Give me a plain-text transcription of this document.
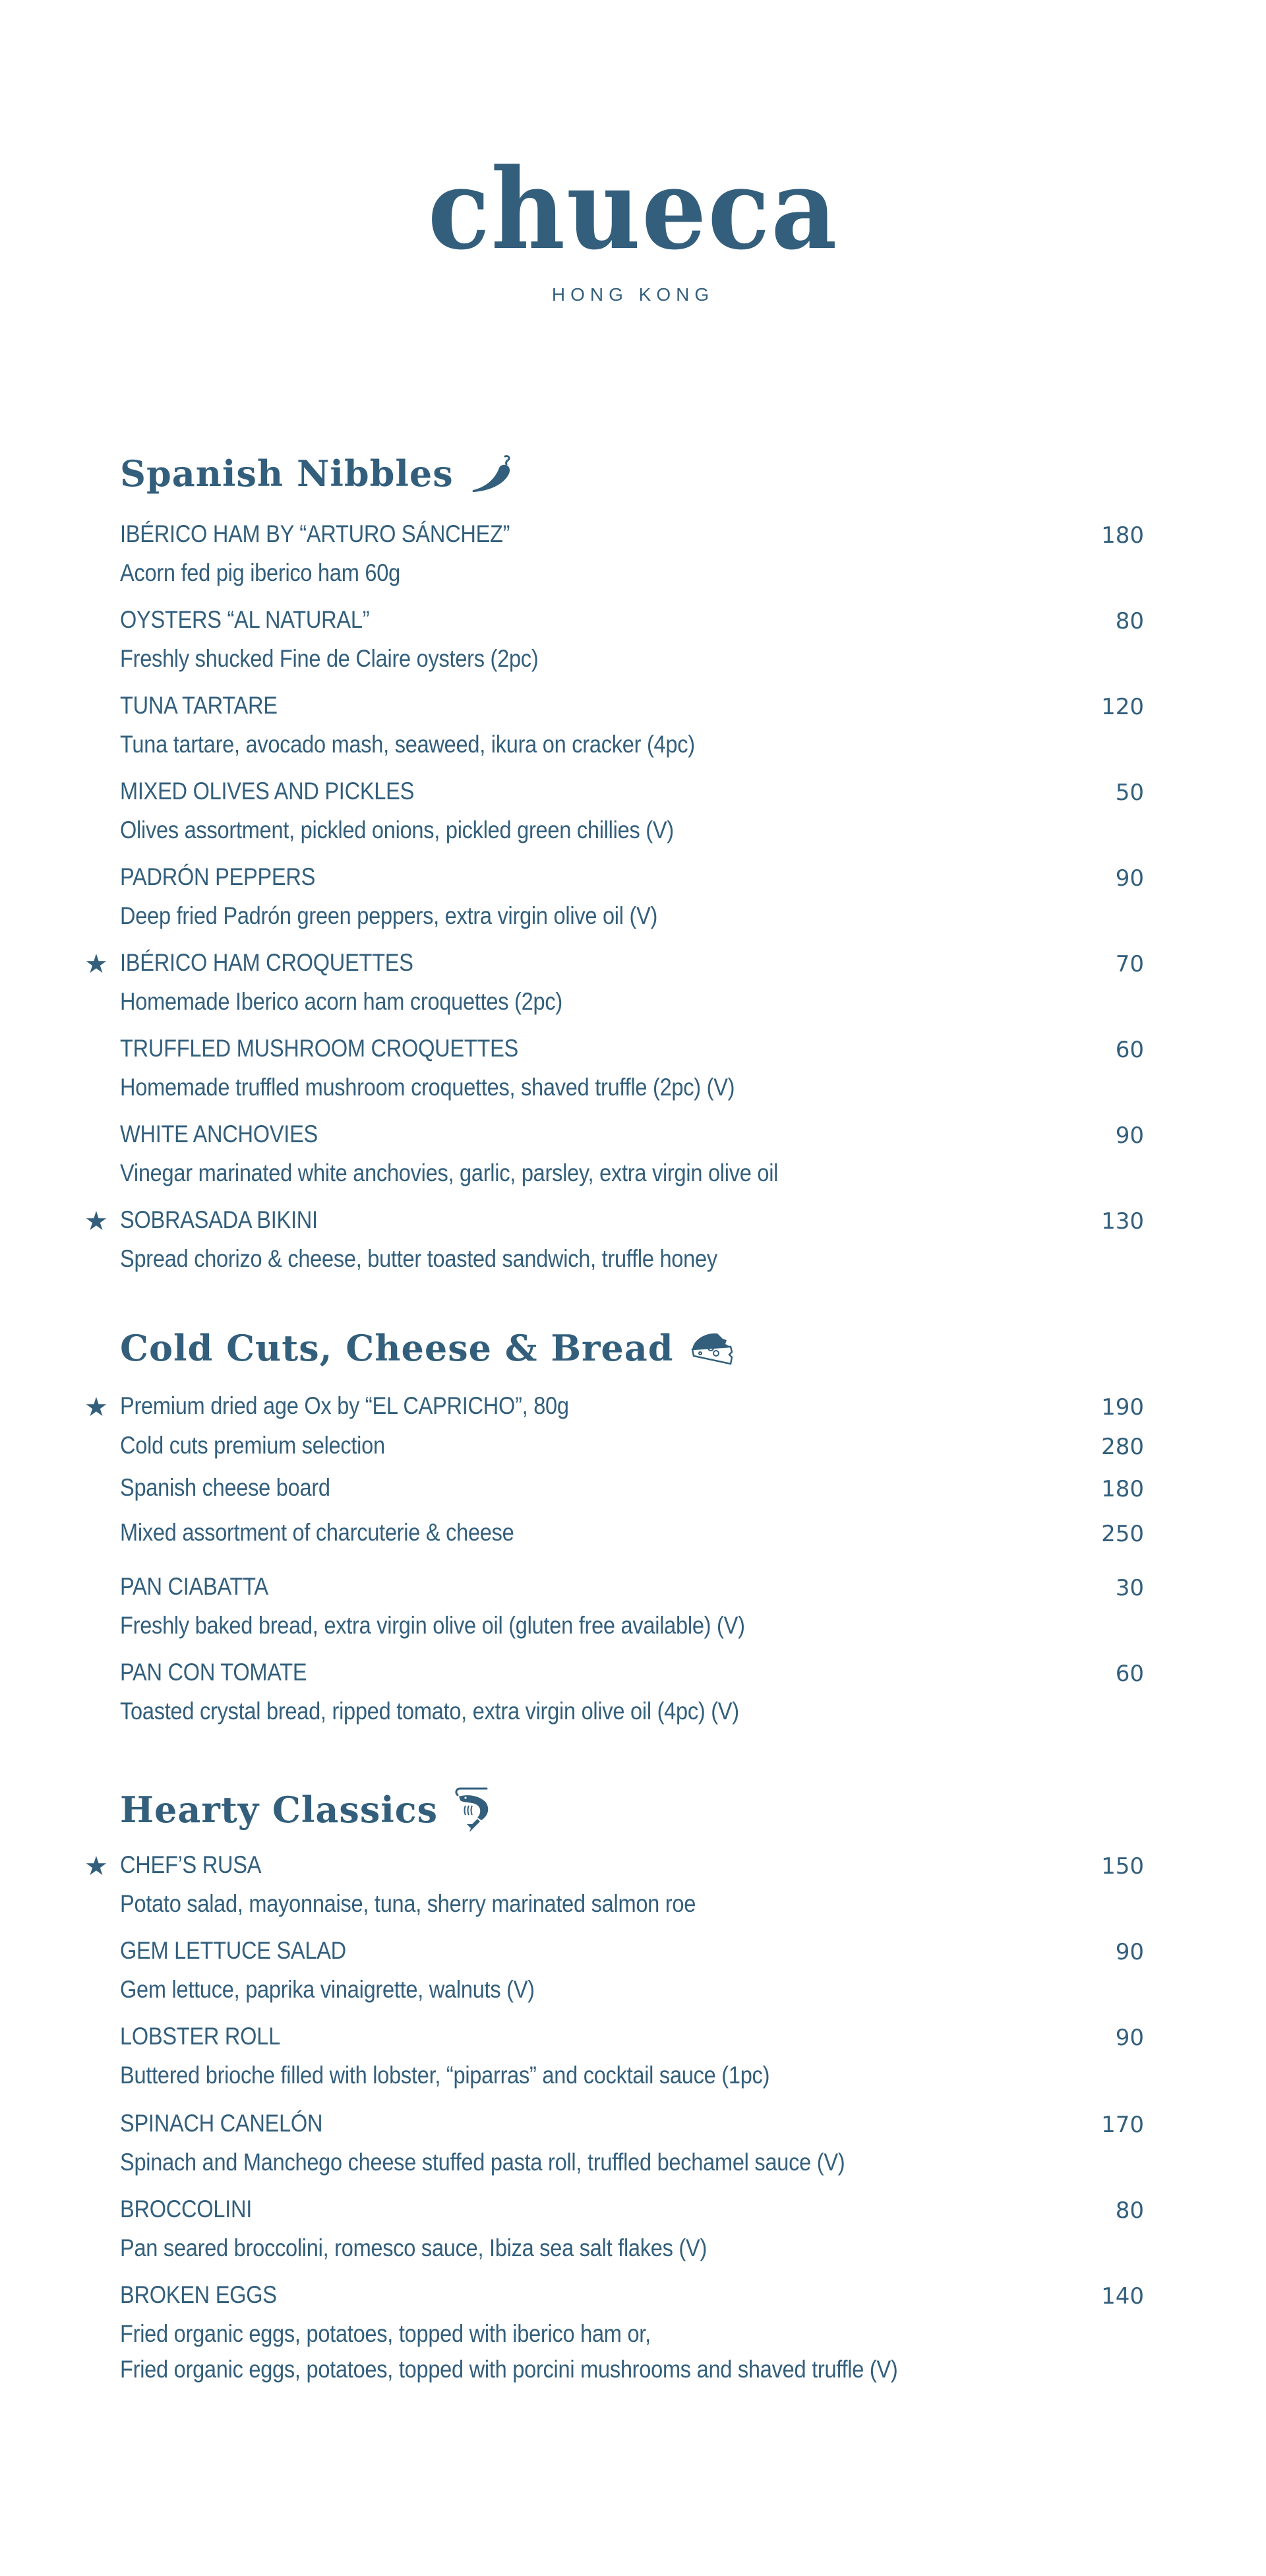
chueca
HONG KONG
Spanish Nibbles
IBÉRICO HAM BY “ARTURO SÁNCHEZ”	180
Acorn fed pig iberico ham 60g
OYSTERS “AL NATURAL”	80
Freshly shucked Fine de Claire oysters (2pc)
TUNA TARTARE	120
Tuna tartare, avocado mash, seaweed, ikura on cracker (4pc)
MIXED OLIVES AND PICKLES	50
Olives assortment, pickled onions, pickled green chillies (V)
PADRÓN PEPPERS	90
Deep fried Padrón green peppers, extra virgin olive oil (V)
★ IBÉRICO HAM CROQUETTES	70
Homemade Iberico acorn ham croquettes (2pc)
TRUFFLED MUSHROOM CROQUETTES	60
Homemade truffled mushroom croquettes, shaved truffle (2pc) (V)
WHITE ANCHOVIES	90
Vinegar marinated white anchovies, garlic, parsley, extra virgin olive oil
★ SOBRASADA BIKINI	130
Spread chorizo & cheese, butter toasted sandwich, truffle honey
Cold Cuts, Cheese & Bread
★ Premium dried age Ox by “EL CAPRICHO”, 80g	190
Cold cuts premium selection	280
Spanish cheese board	180
Mixed assortment of charcuterie & cheese	250
PAN CIABATTA	30
Freshly baked bread, extra virgin olive oil (gluten free available) (V)
PAN CON TOMATE	60
Toasted crystal bread, ripped tomato, extra virgin olive oil (4pc) (V)
Hearty Classics
★ CHEF’S RUSA	150
Potato salad, mayonnaise, tuna, sherry marinated salmon roe
GEM LETTUCE SALAD	90
Gem lettuce, paprika vinaigrette, walnuts (V)
LOBSTER ROLL	90
Buttered brioche filled with lobster, “piparras” and cocktail sauce (1pc)
SPINACH CANELÓN	170
Spinach and Manchego cheese stuffed pasta roll, truffled bechamel sauce (V)
BROCCOLINI	80
Pan seared broccolini, romesco sauce, Ibiza sea salt flakes (V)
BROKEN EGGS	140
Fried organic eggs, potatoes, topped with iberico ham or,
Fried organic eggs, potatoes, topped with porcini mushrooms and shaved truffle (V)
